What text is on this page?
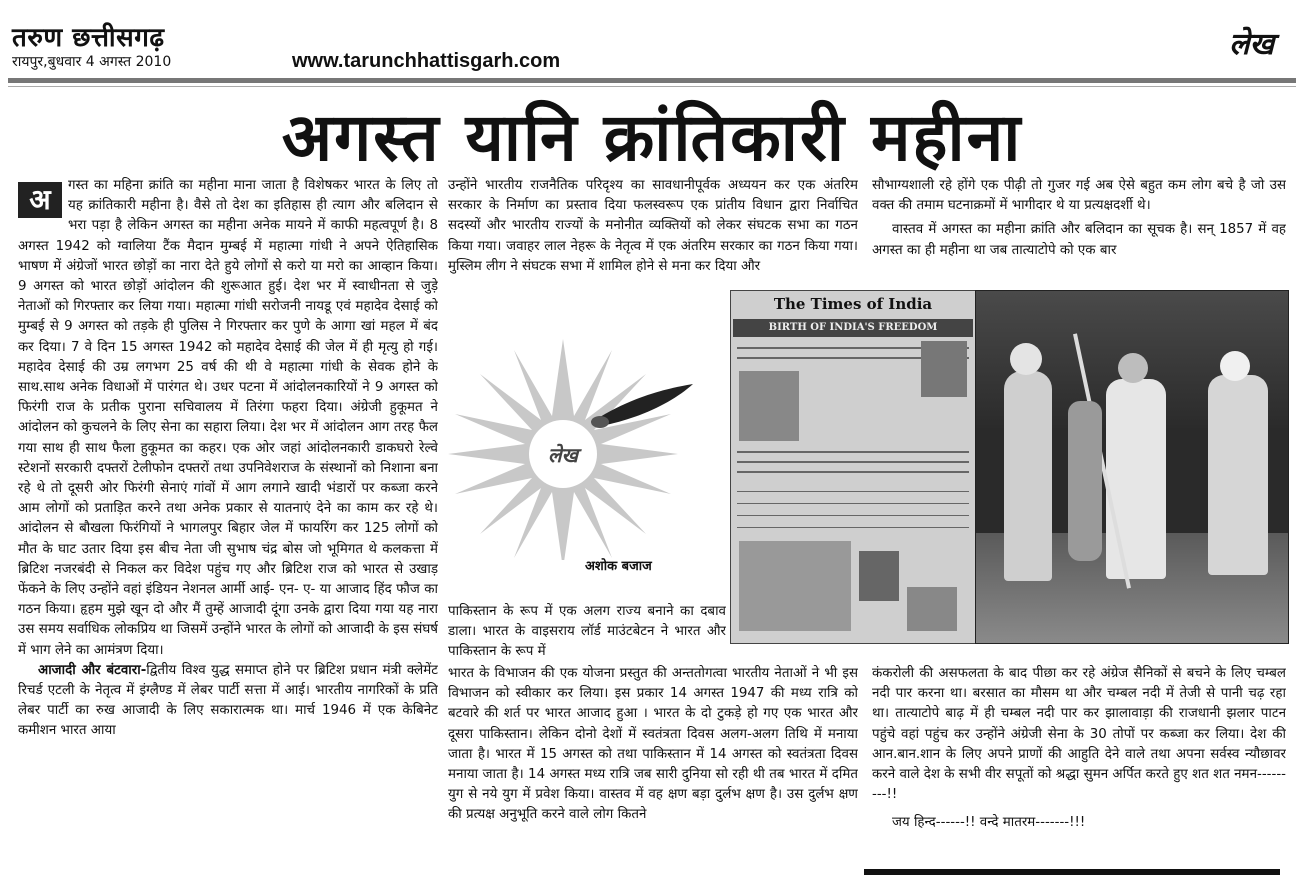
तरुण छत्तीसगढ़
रायपुर,बुधवार 4 अगस्त 2010	www.tarunchhattisgarh.com	लेख
अगस्त यानि क्रांतिकारी महीना

अ	गस्त का महिना क्रांति का महीना माना जाता है विशेषकर भारत के लिए तो यह क्रांतिकारी महीना है। वैसे तो देश का इतिहास ही त्याग और बलिदान से भरा पड़ा है लेकिन अगस्त का महीना अनेक मायने में काफी महत्वपूर्ण है। 8 अगस्त 1942 को ग्वालिया टैंक मैदान मुम्बई में महात्मा गांधी ने अपने ऐतिहासिक भाषण में अंग्रेजों भारत छोड़ों का नारा देते हुये लोगों से करो या मरो का आव्हान किया। 9 अगस्त को भारत छोड़ों आंदोलन की शुरूआत हुई। देश भर में स्वाधीनता से जुड़े नेताओं को गिरफ्तार कर लिया गया। महात्मा गांधी सरोजनी नायडू एवं महादेव देसाई को मुम्बई से 9 अगस्त को तड़के ही पुलिस ने गिरफ्तार कर पुणे के आगा खां महल में बंद कर दिया। 7 वे दिन 15 अगस्त 1942 को महादेव देसाई की जेल में ही मृत्यु हो गई। महादेव देसाई की उम्र लगभग 25 वर्ष की थी वे महात्मा गांधी के सेवक होने के साथ.साथ अनेक विधाओं में पारंगत थे। उधर पटना में आंदोलनकारियों ने 9 अगस्त को फिरंगी राज के प्रतीक पुराना सचिवालय में तिरंगा फहरा दिया। अंग्रेजी हुकूमत ने आंदोलन को कुचलने के लिए सेना का सहारा लिया। देश भर में आंदोलन आग तरह फैल गया साथ ही साथ फैला हुकूमत का कहर। एक ओर जहां आंदोलनकारी डाकघरो रेल्वे स्टेशनों सरकारी दफ्तरों टेलीफोन दफ्तरों तथा उपनिवेशराज के संस्थानों को निशाना बना रहे थे तो दूसरी ओर फिरंगी सेनाएं गांवों में आग लगाने खादी भंडारों पर कब्जा करने आम लोगों को प्रताड़ित करने तथा अनेक प्रकार से यातनाएं देने का काम कर रहे थे। आंदोलन से बौखला फिरंगियों ने भागलपुर बिहार जेल में फायरिंग कर 125 लोगों को मौत के घाट उतार दिया इस बीच नेता जी सुभाष चंद्र बोस जो भूमिगत थे कलकत्ता में ब्रिटिश नजरबंदी से निकल कर विदेश पहुंच गए और ब्रिटिश राज को भारत से उखाड़ फेंकने के लिए उन्होंने वहां इंडियन नेशनल आर्मी आई- एन- ए- या आजाद हिंद फौज का गठन किया। हृहम मुझे खून दो और मैं तुम्हें आजादी दूंगा उनके द्वारा दिया गया यह नारा उस समय सर्वाधिक लोकप्रिय था जिसमें उन्होंने भारत के लोगों को आजादी के इस संघर्ष में भाग लेने का आमंत्रण दिया।

आजादी और बंटवारा-द्वितीय विश्व युद्ध समाप्त होने पर ब्रिटिश प्रधान मंत्री क्लेमेंट रिचर्ड एटली के नेतृत्व में इंग्लैण्ड में लेबर पार्टी सत्ता में आई। भारतीय नागरिकों के प्रति लेबर पार्टी का रुख आजादी के लिए सकारात्मक था। मार्च 1946 में एक केबिनेट कमीशन भारत आया

उन्होंने भारतीय राजनैतिक परिदृश्य का सावधानीपूर्वक अध्ययन कर एक अंतरिम सरकार के निर्माण का प्रस्ताव दिया फलस्वरूप एक प्रांतीय विधान द्वारा निर्वाचित सदस्यों और भारतीय राज्यों के मनोनीत व्यक्तियों को लेकर संघटक सभा का गठन किया गया। जवाहर लाल नेहरू के नेतृत्व में एक अंतरिम सरकार का गठन किया गया। मुस्लिम लीग ने संघटक सभा में शामिल होने से मना कर दिया और

लेख
अशोक बजाज
The Times of India
BIRTH OF INDIA'S FREEDOM

पाकिस्तान के रूप में एक अलग राज्य बनाने का दबाव डाला। भारत के वाइसराय लॉर्ड माउंटबेटन ने भारत और पाकिस्तान के रूप में

भारत के विभाजन की एक योजना प्रस्तुत की अन्ततोगत्वा भारतीय नेताओं ने भी इस विभाजन को स्वीकार कर लिया। इस प्रकार 14 अगस्त 1947 की मध्य रात्रि को बटवारे की शर्त पर भारत आजाद हुआ । भारत के दो टुकड़े हो गए एक भारत और दूसरा पाकिस्तान। लेकिन दोनो देशों में स्वतंत्रता दिवस अलग-अलग तिथि में मनाया जाता है। भारत में 15 अगस्त को तथा पाकिस्तान में 14 अगस्त को स्वतंत्रता दिवस मनाया जाता है। 14 अगस्त मध्य रात्रि जब सारी दुनिया सो रही थी तब भारत में दमित युग से नये युग में प्रवेश किया। वास्तव में वह क्षण बड़ा दुर्लभ क्षण है। उस दुर्लभ क्षण की प्रत्यक्ष अनुभूति करने वाले लोग कितने

सौभाग्यशाली रहे होंगे एक पीढ़ी तो गुजर गई अब ऐसे बहुत कम लोग बचे है जो उस वक्त की तमाम घटनाक्रमों में भागीदार थे या प्रत्यक्षदर्शी थे।

वास्तव में अगस्त का महीना क्रांति और बलिदान का सूचक है। सन् 1857 में वह अगस्त का ही महीना था जब तात्याटोपे को एक बार

कंकरोली की असफलता के बाद पीछा कर रहे अंग्रेज सैनिकों से बचने के लिए चम्बल नदी पार करना था। बरसात का मौसम था और चम्बल नदी में तेजी से पानी चढ़ रहा था। तात्याटोपे बाढ़ में ही चम्बल नदी पार कर झालावाड़ा की राजधानी झलार पाटन पहुंचे वहां पहुंच कर उन्होंने अंग्रेजी सेना के 30 तोपों पर कब्जा कर लिया। देश की आन.बान.शान के लिए अपने प्राणों की आहुति देने वाले तथा अपना सर्वस्व न्यौछावर करने वाले देश के सभी वीर सपूतों को श्रद्धा सुमन अर्पित करते हुए शत शत नमन---------!!

जय हिन्द------!! वन्दे मातरम-------!!!
